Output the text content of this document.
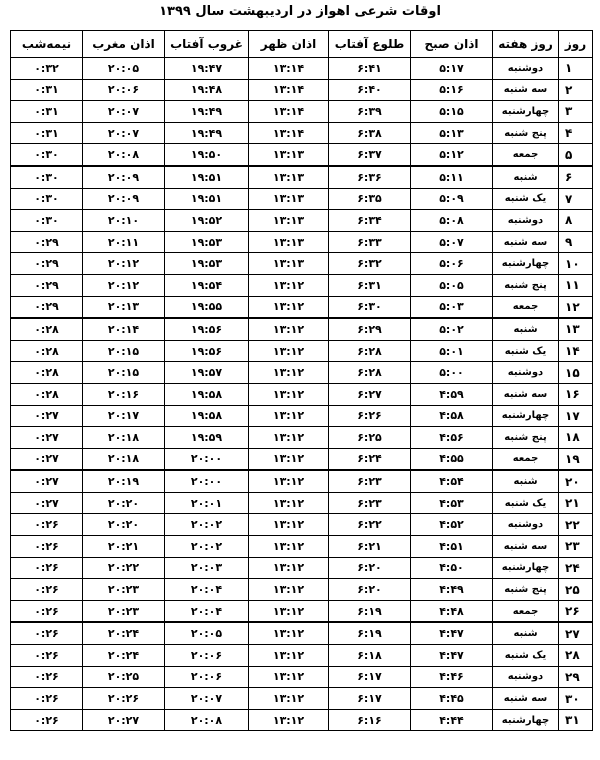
اوقات شرعی اهواز در اردیبهشت سال ۱۳۹۹
روز	روز هفته	اذان صبح	طلوع آفتاب	اذان ظهر	غروب آفتاب	اذان مغرب	نیمه‌شب
۱	دوشنبه	۵:۱۷	۶:۴۱	۱۳:۱۴	۱۹:۴۷	۲۰:۰۵	۰:۳۲
۲	سه شنبه	۵:۱۶	۶:۴۰	۱۳:۱۴	۱۹:۴۸	۲۰:۰۶	۰:۳۱
۳	چهارشنبه	۵:۱۵	۶:۳۹	۱۳:۱۴	۱۹:۴۹	۲۰:۰۷	۰:۳۱
۴	پنج شنبه	۵:۱۳	۶:۳۸	۱۳:۱۴	۱۹:۴۹	۲۰:۰۷	۰:۳۱
۵	جمعه	۵:۱۲	۶:۳۷	۱۳:۱۳	۱۹:۵۰	۲۰:۰۸	۰:۳۰
۶	شنبه	۵:۱۱	۶:۳۶	۱۳:۱۳	۱۹:۵۱	۲۰:۰۹	۰:۳۰
۷	یک شنبه	۵:۰۹	۶:۳۵	۱۳:۱۳	۱۹:۵۱	۲۰:۰۹	۰:۳۰
۸	دوشنبه	۵:۰۸	۶:۳۴	۱۳:۱۳	۱۹:۵۲	۲۰:۱۰	۰:۳۰
۹	سه شنبه	۵:۰۷	۶:۳۳	۱۳:۱۳	۱۹:۵۳	۲۰:۱۱	۰:۲۹
۱۰	چهارشنبه	۵:۰۶	۶:۳۲	۱۳:۱۳	۱۹:۵۳	۲۰:۱۲	۰:۲۹
۱۱	پنج شنبه	۵:۰۵	۶:۳۱	۱۳:۱۲	۱۹:۵۴	۲۰:۱۲	۰:۲۹
۱۲	جمعه	۵:۰۳	۶:۳۰	۱۳:۱۲	۱۹:۵۵	۲۰:۱۳	۰:۲۹
۱۳	شنبه	۵:۰۲	۶:۲۹	۱۳:۱۲	۱۹:۵۶	۲۰:۱۴	۰:۲۸
۱۴	یک شنبه	۵:۰۱	۶:۲۸	۱۳:۱۲	۱۹:۵۶	۲۰:۱۵	۰:۲۸
۱۵	دوشنبه	۵:۰۰	۶:۲۸	۱۳:۱۲	۱۹:۵۷	۲۰:۱۵	۰:۲۸
۱۶	سه شنبه	۴:۵۹	۶:۲۷	۱۳:۱۲	۱۹:۵۸	۲۰:۱۶	۰:۲۸
۱۷	چهارشنبه	۴:۵۸	۶:۲۶	۱۳:۱۲	۱۹:۵۸	۲۰:۱۷	۰:۲۷
۱۸	پنج شنبه	۴:۵۶	۶:۲۵	۱۳:۱۲	۱۹:۵۹	۲۰:۱۸	۰:۲۷
۱۹	جمعه	۴:۵۵	۶:۲۴	۱۳:۱۲	۲۰:۰۰	۲۰:۱۸	۰:۲۷
۲۰	شنبه	۴:۵۴	۶:۲۳	۱۳:۱۲	۲۰:۰۰	۲۰:۱۹	۰:۲۷
۲۱	یک شنبه	۴:۵۳	۶:۲۳	۱۳:۱۲	۲۰:۰۱	۲۰:۲۰	۰:۲۷
۲۲	دوشنبه	۴:۵۲	۶:۲۲	۱۳:۱۲	۲۰:۰۲	۲۰:۲۰	۰:۲۶
۲۳	سه شنبه	۴:۵۱	۶:۲۱	۱۳:۱۲	۲۰:۰۲	۲۰:۲۱	۰:۲۶
۲۴	چهارشنبه	۴:۵۰	۶:۲۰	۱۳:۱۲	۲۰:۰۳	۲۰:۲۲	۰:۲۶
۲۵	پنج شنبه	۴:۴۹	۶:۲۰	۱۳:۱۲	۲۰:۰۴	۲۰:۲۳	۰:۲۶
۲۶	جمعه	۴:۴۸	۶:۱۹	۱۳:۱۲	۲۰:۰۴	۲۰:۲۳	۰:۲۶
۲۷	شنبه	۴:۴۷	۶:۱۹	۱۳:۱۲	۲۰:۰۵	۲۰:۲۴	۰:۲۶
۲۸	یک شنبه	۴:۴۷	۶:۱۸	۱۳:۱۲	۲۰:۰۶	۲۰:۲۴	۰:۲۶
۲۹	دوشنبه	۴:۴۶	۶:۱۷	۱۳:۱۲	۲۰:۰۶	۲۰:۲۵	۰:۲۶
۳۰	سه شنبه	۴:۴۵	۶:۱۷	۱۳:۱۲	۲۰:۰۷	۲۰:۲۶	۰:۲۶
۳۱	چهارشنبه	۴:۴۴	۶:۱۶	۱۳:۱۲	۲۰:۰۸	۲۰:۲۷	۰:۲۶
